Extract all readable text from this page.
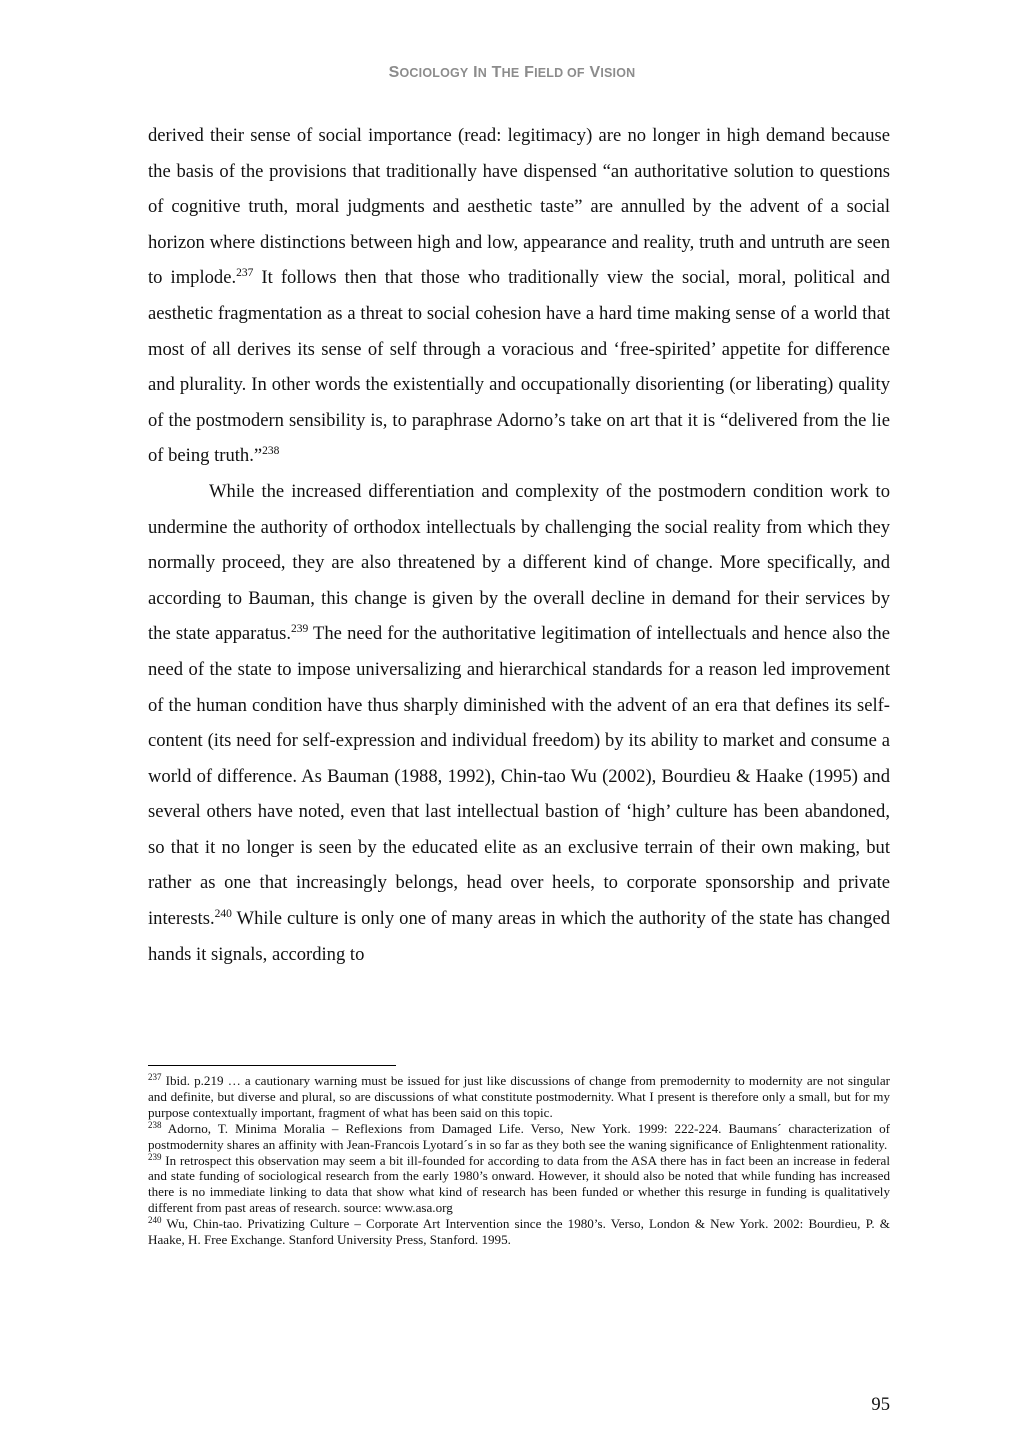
SOCIOLOGY IN THE FIELD OF VISION

derived their sense of social importance (read: legitimacy) are no longer in high demand because the basis of the provisions that traditionally have dispensed “an authoritative solution to questions of cognitive truth, moral judgments and aesthetic taste” are annulled by the advent of a social horizon where distinctions between high and low, appearance and reality, truth and untruth are seen to implode.$^{237}$ It follows then that those who traditionally view the social, moral, political and aesthetic fragmentation as a threat to social cohesion have a hard time making sense of a world that most of all derives its sense of self through a voracious and ‘free-spirited’ appetite for difference and plurality. In other words the existentially and occupationally disorienting (or liberating) quality of the postmodern sensibility is, to paraphrase Adorno’s take on art that it is “delivered from the lie of being truth.”$^{238}$

While the increased differentiation and complexity of the postmodern condition work to undermine the authority of orthodox intellectuals by challenging the social reality from which they normally proceed, they are also threatened by a different kind of change. More specifically, and according to Bauman, this change is given by the overall decline in demand for their services by the state apparatus.$^{239}$ The need for the authoritative legitimation of intellectuals and hence also the need of the state to impose universalizing and hierarchical standards for a reason led improvement of the human condition have thus sharply diminished with the advent of an era that defines its self-content (its need for self-expression and individual freedom) by its ability to market and consume a world of difference. As Bauman (1988, 1992), Chin-tao Wu (2002), Bourdieu & Haake (1995) and several others have noted, even that last intellectual bastion of ‘high’ culture has been abandoned, so that it no longer is seen by the educated elite as an exclusive terrain of their own making, but rather as one that increasingly belongs, head over heels, to corporate sponsorship and private interests.$^{240}$ While culture is only one of many areas in which the authority of the state has changed hands it signals, according to

$^{237}$ Ibid. p.219 … a cautionary warning must be issued for just like discussions of change from premodernity to modernity are not singular and definite, but diverse and plural, so are discussions of what constitute postmodernity. What I present is therefore only a small, but for my purpose contextually important, fragment of what has been said on this topic.

$^{238}$ Adorno, T. Minima Moralia – Reflexions from Damaged Life. Verso, New York. 1999: 222-224. Baumans´ characterization of postmodernity shares an affinity with Jean-Francois Lyotard´s in so far as they both see the waning significance of Enlightenment rationality.

$^{239}$ In retrospect this observation may seem a bit ill-founded for according to data from the ASA there has in fact been an increase in federal and state funding of sociological research from the early 1980’s onward. However, it should also be noted that while funding has increased there is no immediate linking to data that show what kind of research has been funded or whether this resurge in funding is qualitatively different from past areas of research. source: www.asa.org

$^{240}$ Wu, Chin-tao. Privatizing Culture – Corporate Art Intervention since the 1980’s. Verso, London & New York. 2002: Bourdieu, P. & Haake, H. Free Exchange. Stanford University Press, Stanford. 1995.

95
